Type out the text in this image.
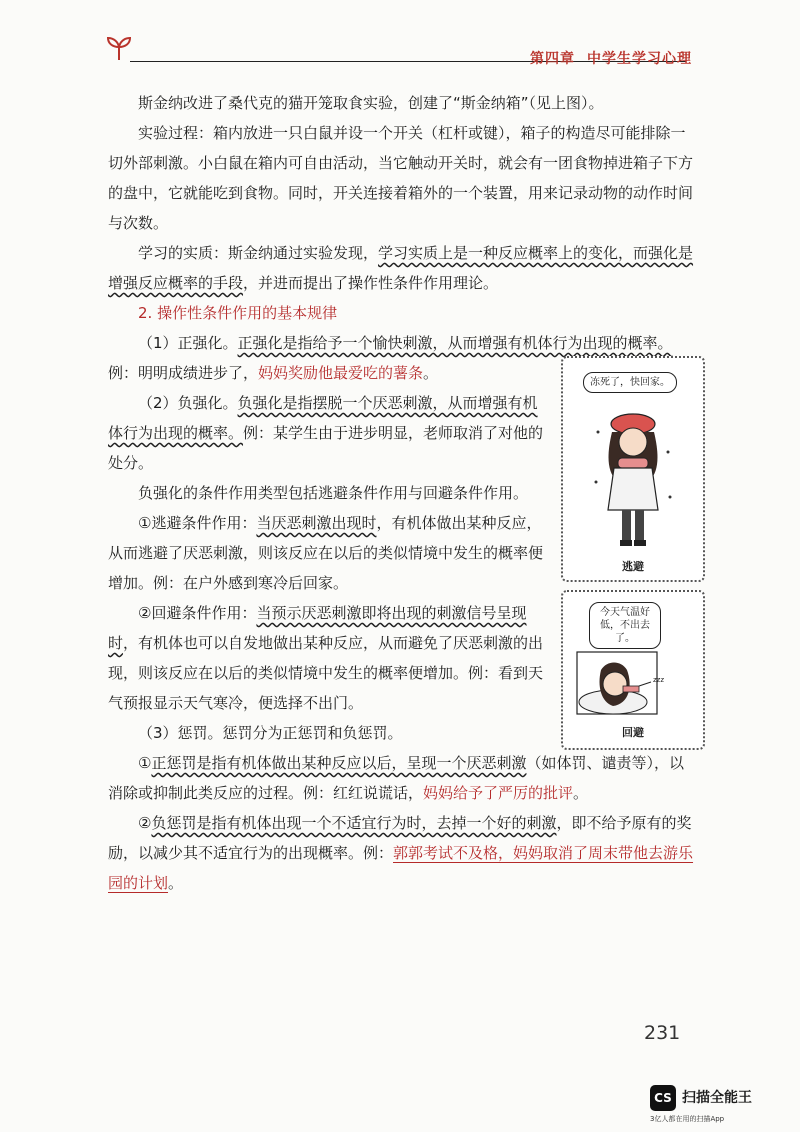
第四章 中学生学习心理

斯金纳改进了桑代克的猫开笼取食实验，创建了“斯金纳箱”（见上图）。

实验过程：箱内放进一只白鼠并设一个开关（杠杆或键），箱子的构造尽可能排除一切外部刺激。小白鼠在箱内可自由活动，当它触动开关时，就会有一团食物掉进箱子下方的盘中，它就能吃到食物。同时，开关连接着箱外的一个装置，用来记录动物的动作时间与次数。

学习的实质：斯金纳通过实验发现，学习实质上是一种反应概率上的变化，而强化是增强反应概率的手段，并进而提出了操作性条件作用理论。

2. 操作性条件作用的基本规律

（1）正强化。正强化是指给予一个愉快刺激，从而增强有机体行为出现的概率。例：明明成绩进步了，妈妈奖励他最爱吃的薯条。

（2）负强化。负强化是指摆脱一个厌恶刺激，从而增强有机体行为出现的概率。例：某学生由于进步明显，老师取消了对他的处分。

负强化的条件作用类型包括逃避条件作用与回避条件作用。

①逃避条件作用：当厌恶刺激出现时，有机体做出某种反应，从而逃避了厌恶刺激，则该反应在以后的类似情境中发生的概率便增加。例：在户外感到寒冷后回家。

②回避条件作用：当预示厌恶刺激即将出现的刺激信号呈现时，有机体也可以自发地做出某种反应，从而避免了厌恶刺激的出现，则该反应在以后的类似情境中发生的概率便增加。例：看到天气预报显示天气寒冷，便选择不出门。

（3）惩罚。惩罚分为正惩罚和负惩罚。

①正惩罚是指有机体做出某种反应以后，呈现一个厌恶刺激（如体罚、谴责等），以消除或抑制此类反应的过程。例：红红说谎话，妈妈给予了严厉的批评。

②负惩罚是指有机体出现一个不适宜行为时，去掉一个好的刺激，即不给予原有的奖励，以减少其不适宜行为的出现概率。例：郭郭考试不及格，妈妈取消了周末带他去游乐园的计划。

冻死了，快回家。
逃避
今天气温好低，不出去了。
zzz
回避
231
CS 扫描全能王
3亿人都在用的扫描App
